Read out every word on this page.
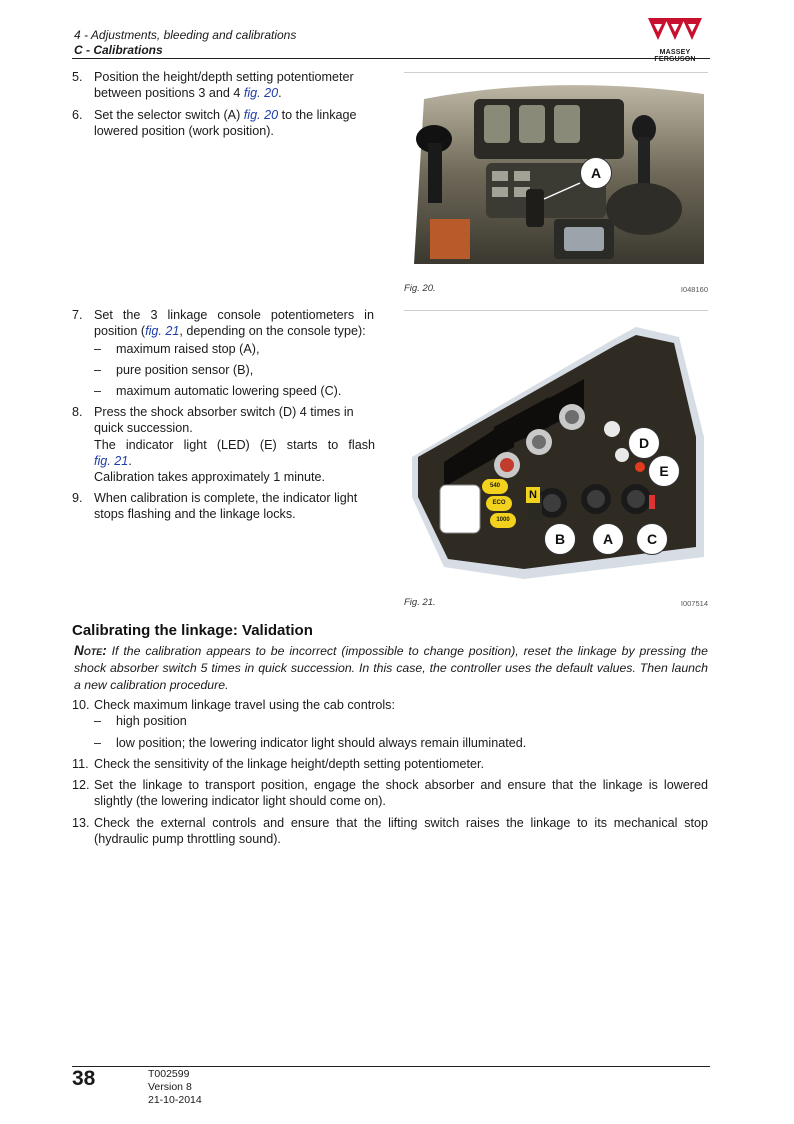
4 - Adjustments, bleeding and calibrations
C - Calibrations	MASSEY FERGUSON
5. Position the height/depth setting potentiometer between positions 3 and 4 fig. 20.
6. Set the selector switch (A) fig. 20 to the linkage lowered position (work position).
A
Fig. 20.	I048160
7. Set the 3 linkage console potentiometers in position (fig. 21, depending on the console type):
– maximum raised stop (A),
– pure position sensor (B),
– maximum automatic lowering speed (C).
8. Press the shock absorber switch (D) 4 times in quick succession.
The indicator light (LED) (E) starts to flash
fig. 21.
Calibration takes approximately 1 minute.
9. When calibration is complete, the indicator light stops flashing and the linkage locks.
540
ECO
1000
N
D
E
B	A	C
Fig. 21.	I007514
Calibrating the linkage: Validation
Note: If the calibration appears to be incorrect (impossible to change position), reset the linkage by pressing the shock absorber switch 5 times in quick succession. In this case, the controller uses the default values. Then launch a new calibration procedure.
10. Check maximum linkage travel using the cab controls:
– high position
– low position; the lowering indicator light should always remain illuminated.
11. Check the sensitivity of the linkage height/depth setting potentiometer.
12. Set the linkage to transport position, engage the shock absorber and ensure that the linkage is lowered slightly (the lowering indicator light should come on).
13. Check the external controls and ensure that the lifting switch raises the linkage to its mechanical stop (hydraulic pump throttling sound).
38	T002599
Version 8
21-10-2014
